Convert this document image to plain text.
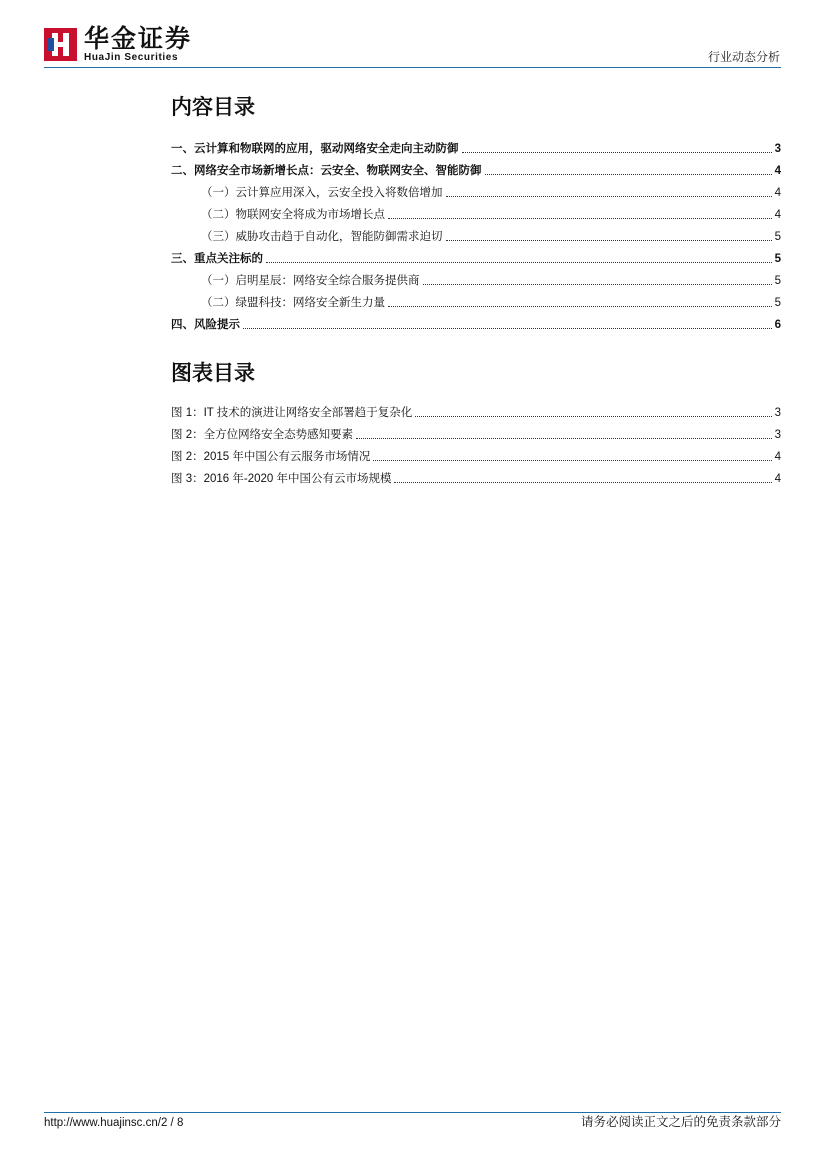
华金证券
HuaJin Securities	行业动态分析
内容目录
一、云计算和物联网的应用，驱动网络安全走向主动防御	3
二、网络安全市场新增长点：云安全、物联网安全、智能防御	4
（一）云计算应用深入，云安全投入将数倍增加	4
（二）物联网安全将成为市场增长点	4
（三）威胁攻击趋于自动化，智能防御需求迫切	5
三、重点关注标的	5
（一）启明星辰：网络安全综合服务提供商	5
（二）绿盟科技：网络安全新生力量	5
四、风险提示	6
图表目录
图 1：IT 技术的演进让网络安全部署趋于复杂化	3
图 2：全方位网络安全态势感知要素	3
图 2：2015 年中国公有云服务市场情况	4
图 3：2016 年-2020 年中国公有云市场规模	4
http://www.huajinsc.cn/2 / 8	请务必阅读正文之后的免责条款部分
